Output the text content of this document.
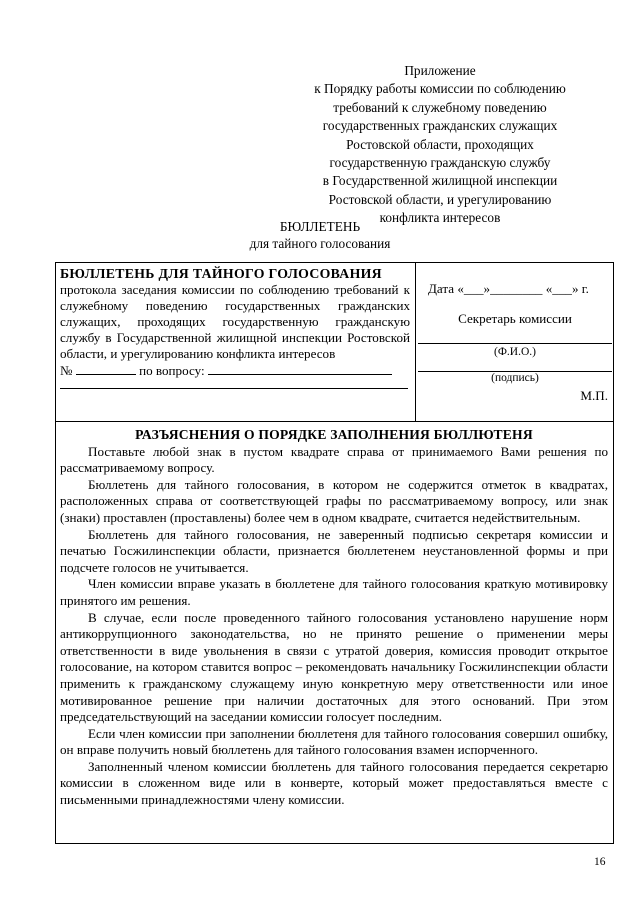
Приложение
к Порядку работы комиссии по соблюдению
требований к служебному поведению
государственных гражданских служащих
Ростовской области, проходящих
государственную гражданскую службу
в Государственной жилищной инспекции
Ростовской области, и урегулированию
конфликта интересов
БЮЛЛЕТЕНЬ
для тайного голосования
БЮЛЛЕТЕНЬ ДЛЯ ТАЙНОГО ГОЛОСОВАНИЯ
протокола заседания комиссии по соблюдению требований к служебному поведению государственных гражданских служащих, проходящих государственную гражданскую службу в Государственной жилищной инспекции Ростовской области, и урегулированию конфликта интересов
№	по вопросу:
Дата «___»________ «___» г.
Секретарь комиссии
(Ф.И.О.)
(подпись)
М.П.
РАЗЪЯСНЕНИЯ О ПОРЯДКЕ ЗАПОЛНЕНИЯ БЮЛЛЮТЕНЯ

Поставьте любой знак в пустом квадрате справа от принимаемого Вами решения по рассматриваемому вопросу.

Бюллетень для тайного голосования, в котором не содержится отметок в квадратах, расположенных справа от соответствующей графы по рассматриваемому вопросу, или знак (знаки) проставлен (проставлены) более чем в одном квадрате, считается недействительным.

Бюллетень для тайного голосования, не заверенный подписью секретаря комиссии и печатью Госжилинспекции области, признается бюллетенем неустановленной формы и при подсчете голосов не учитывается.

Член комиссии вправе указать в бюллетене для тайного голосования краткую мотивировку принятого им решения.

В случае, если после проведенного тайного голосования установлено нарушение норм антикоррупционного законодательства, но не принято решение о применении меры ответственности в виде увольнения в связи с утратой доверия, комиссия проводит открытое голосование, на котором ставится вопрос – рекомендовать начальнику Госжилинспекции области применить к гражданскому служащему иную конкретную меру ответственности или иное мотивированное решение при наличии достаточных для этого оснований. При этом председательствующий на заседании комиссии голосует последним.

Если член комиссии при заполнении бюллетеня для тайного голосования совершил ошибку, он вправе получить новый бюллетень для тайного голосования взамен испорченного.

Заполненный членом комиссии бюллетень для тайного голосования передается секретарю комиссии в сложенном виде или в конверте, который может предоставляться вместе с письменными принадлежностями члену комиссии.

16
